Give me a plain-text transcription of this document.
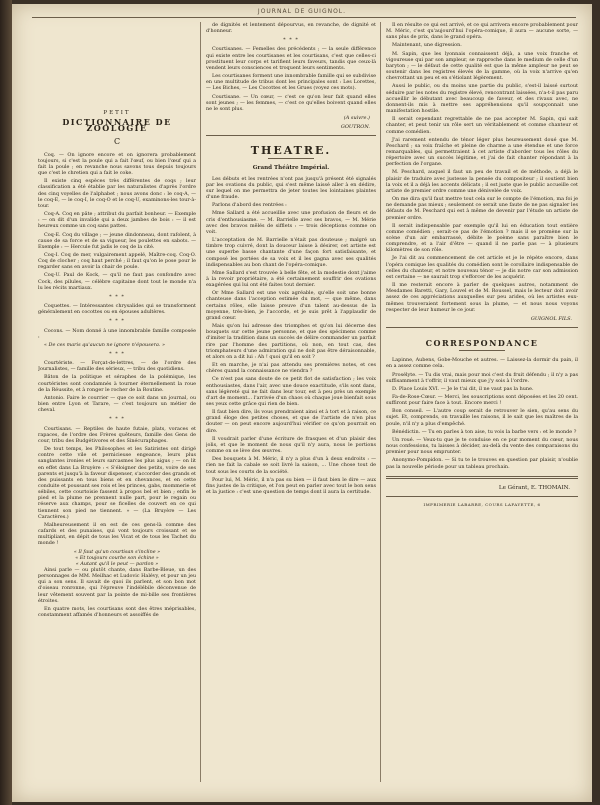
JOURNAL DE GUIGNOL.
PETIT
DICTIONNAIRE DE ZOOLOGIE
C

Coq. — On ignore encore et on ignorera probablement toujours, si c'est la poule qui a fait l'œuf, ou bien l'œuf qui a fait la poule ; en revanche nous savons tous depuis toujours que c'est le chretien qui a fait le coke.

Il existe cinq espèces très différentes de coqs ; leur classification a été établie par les naturalistes d'après l'ordre des cinq voyelles de l'alphabet ; nous avons donc : le coq-A, — le coq-E, — le coq-I, le coq-O et le coq-U, examinons-les tour-à-tour.

Coq-A. Coq en pâte ; attribut du parfait bonheur. — Exemple : — on dit d'un invalide qui a deux jambes de bois : — il est heureux comme un coq sans pattes.

Coq-E. Coq du village ; — jeune dindonneau, dont rafolent, à cause de sa force et de sa vigueur, les poulettes en sabots. — Exemple : — Hercule fut jadis le coq de la cité.

Coq-I. Coq de mer, vulgairement appelé, Maître-coq. Coq-O. Coq de clocher ; coq haut perché ; il faut qu'on le pose pour le regarder sans en avoir la chair de poule.

Coq-U. Paul de Kock, — qu'il ne faut pas confondre avec Cock, des pilules, — célèbre capitaine dont tout le monde n'a lu les récits martiaux.

* * *

Coquettes. — Intéressantes chrysalides qui se transforment généralement en cocottes ou en épouses adultères.

* * *

Cocons. — Nom donné à une innombrable famille composée :

« De ces maris qu'aucun ne ignore n'épousera. »

* * *

Courtériste. — Forçat-de-lettres, — de l'ordre des Journalistes, — famille des sérieux, — tribu des quotidiens.

Bâton de la politique et séraphes de la polémique, les courtéristes sont condamnés à tourner éternellement la roue de la Réussite, et à ronger le rocher de la Routine.

Antonio. Faire le courrier — que ce soit dans un journal, ou bien entre Lyon et Tarare, — c'est toujours un métier de cheval.

* * *

Courtisans. — Reptiles de haute futaie, plats, voraces et rapaces, de l'ordre des Frères quêteurs, famille des Gens de cour, tribu des Budgétivores et des Sinécuraphages.

De tout temps, les Philosophes et les Satiristes ont dirigé contre cette vile et pernicieuse engeance, leurs plus sanglantes ironies et leurs sarcasmes les plus aigus ; — on lit en effet dans La Bruyère : « S'éloigner des petits, voire de ses parents et jusqu'à la faveur dispenser, s'accorder des grands et des puissants en tous biens et en chevances, et en cette conduite et poussant ses rois et les princes, gabs, mommerie et sébiles, cette courtoisie fassent à propos bel et bien ; enfin le pied et la plume ne prennent nulle part, pour le regain ou réserve aux champs, pour se ficelles de couvert en ce qui tiennent son pied ne tiennent. » — (La Bruyère — Les Caractères.)

Malheureusement il en est de ces gens-là comme des cafards et des punaises, qui vont toujours croissant et se multipliant, en dépit de tous les Vicat et de tous les Tachet du monde !

« Il faut qu'un courtisan s'incline »
« Et toujours courbe son échine »
« Autant qu'il le peut — pardon »

Ainsi parle — ou plutôt chante, dans Barbe-Bleue, un des personnages de MM. Meilhac et Ludovic Halévy, et pour un jeu qui a son sens. Il savait de quoi ils parlent, et son bon mot d'oiseau ronronne, qui l'épreuve l'indélébile déconvenue de leur vêtement souvent par la pointe de mi-bille ses frontières étroites.

En quatre mots, les courtisans sont des êtres méprisables, constamment affamés d'honneurs et assoiffés de

de dignités et lentement dépourvus, en revanche, de dignité et d'honneur.

* * *

Courtisanes. — Femelles des précédents ; — la seule différence qui existe entre les courtisanes et les courtisans, c'est que celles-ci prostituent leur corps et tarifient leurs faveurs, tandis que ceux-là vendent leurs consciences et troquent leurs sentiments.

Les courtisanes forment une innombrable famille qui se subdivise en une multitude de tribus dont les principales sont : Les Lorettes, — Les Biches, — Les Cocottes et les Grues (voyez ces mots).

Courtisane. — Un cœur, — c'est ce qu'on leur fait quand elles sont jeunes ; — les femmes, — c'est ce qu'elles boivent quand elles ne le sont plus.

(A suivre.)
GOUTRON.
THEATRE.
Grand Théâtre Impérial.

Les débuts et les rentrées n'ont pas jusqu'à présent été signalés par les ovations du public, qui s'est même laissé aller à en dédire, sur lequel on me permettra de jeter toutes les lointaines plaintes d'une fraude.

Parlons d'abord des rentrées :

Mme Sallard a été accueillie avec une profusion de fleurs et de cris d'enthousiasme. — M. Barrielle avec ses bravos, — M. Mérie avec des bravos mêlés de sifflets : — trois déceptions comme on voit.

L'acceptation de M. Barrielle n'était pas douteuse ; malgré un timbre trop cuivré, dont la douceur laisse à désirer, cet artiste est une superbe basse chantante d'une façon fort satisfaisante, et composé les portées de sa voix et il les gagna avec ses qualités indispensables au bon chant de l'opéra-comique.

Mme Sallard s'est trouvée à belle fête, et la modestie dont j'aime à la revoir propriétaire, a été certainement souffrir des ovations exagérées qui lui ont été faites tout dernier.

Or Mme Sallard est une voix agréable, qu'elle soit une bonne chanteuse dans l'acception estimée du mot, — que même, dans certains rôles, elle laisse preuve d'un talent au-dessus de la moyenne, très-bien, je l'accorde, et je suis prêt à l'applaudir de grand cœur.

Mais qu'on lui adresse des triomphes et qu'on lui décerne des bouquets sur cette jeune personne, et que des spécimens comme d'imiter la tradition dans un succès de délire commander un parfait rire par l'homme des partitions, où non, en tout cas, des triomphateurs d'une admiration qui ne doit pas être déraisonnable, et alors on a dit lui : Ah ! quoi qu'il en soit ?

Et en marche, je n'ai pas attendu ses premières notes, et ces chères quand la connaissance ne viendra ?

Ce n'est pas sans doute de ce petit flot de satisfaction ; les voix enthousiastes, dans l'air, avec une douce exactitude, s'ils sont dans, sans légèreté qui ne fait dans leur tour, est à peu près un exemple d'art de moment... l'arrivée d'un chaos où chaque joue bienfait sous ses yeux cette grâce qui rien de bien.

Il faut bien dire, ils vous prendraient ainsi et à tort et à raison, ce grand éloge des petites choses, et que de l'artiste de n'en plus douter — on peut encore aujourd'hui vérifier ce qu'on pourrait en dire.

Il voudrait parler d'une écriture de frasques et d'un plaisir des jolis, et que le moment de nous qu'il n'y aura, nous le portions comme on se lève des œuvres.

Des bouquets à M. Méric, il n'y a plus d'un à deux endroits : — rien ne fait la cabale se soit livré la saison, ... Une chose tout de tout sous les courts de la société.

Pour lui, M. Méric, il n'a pas su bien — il faut bien le dire — aux fins justes de la critique, et l'on peut en parler avec tout le bon sens et la justice : c'est une question de temps dont il aura la certitude.

Il en résulte ce qui est arrivé, et ce qui arrivera encore probablement pour M. Méric, c'est qu'aujourd'hui l'opéra-comique, il aura — aucune sorte, — sans plus de prix, dans le grand opéra.

Maintenant, une digression.

M. Sapin, que les lyonnais connaissent déjà, a une voix franche et vigoureuse qui par son ampleur, se rapproche dans le medium de celle d'un baryton ; — le défaut de cette qualité est que la même ampleur ne peut se soutenir dans les registres élevés de la gamme, où la voix n'arrive qu'en chevrottant un peu et en s'étiolant légèrement.

Aussi le public, ou du moins une partie du public, s'est-il laissé surtout séduire par les notes du registre élevé, rencontrant laissées, n'a-t-il pas paru accueillir le débutant avec beaucoup de faveur, et des rivaux avec, ne donnent-ils mis à mettre ses appréhensions qu'il soupçonnait une manifestation hostile.

Il serait cependant regrettable de ne pas accepter M. Sapin, qui sait chanter, et peut tenir un rôle sert un véritablement et comme chanteur et comme comédien.

J'ai rarement entendu de ténor léger plus heureusement doué que M. Peschard ; sa voix fraîche et pleine de charme a une étendue et une force remarquables, qui permettraient à cet artiste d'aborder tous les rôles du répertoire avec un succès légitime, et j'ai de fait chanter répondant à la perfection de l'organe.

M. Peschard, auquel il faut un peu de travail et de méthode, a déjà le plaisir de traduire avec justesse la pensée du compositeur ; il soutient bien la voix et il a déjà les accents délicats ; il est juste que le public accueille cet artiste de premier ordre comme une dénivelée de voix.

On me dira qu'il faut mettre tout cela sur le compte de l'émotion, ma foi je ne demande pas mieux ; seulement ce serait une faute de ne pas signaler les défauts de M. Peschard qui est à même de devenir par l'étude un artiste de premier ordre.

Il serait indispensable par exemple qu'il lui en éducation tout entière comme comédien ; serait-ce pas de l'émotion ? mais il se promène sur la scène d'un air embarrassé, débite le poème sans paraître bien le comprendre, et a l'air d'être — quand il ne parle pas — à plusieurs kilomètres de son rôle.

Je l'ai dit au commencement de cet article et je le répète encore, dans l'opéra comique les qualités du comédien sont le corollaire indispensable de celles du chanteur, et notre nouveau ténor — je dis notre car son admission est certaine — ne saurait trop s'efforcer de les acquérir.

Il me resterait encore à parler de quelques autres, notamment de Mesdames Baretti, Gary, Louvel et de M. Roussel, mais le lecteur doit avoir assez de ces appréciations auxquelles sur peu arides, où les artistes eux-mêmes trouveraient fortement sous la plume, — et nous nous voyons respecter de leur humeur le ce jour.

GUIGNOL FILS.
CORRESPONDANCE

Lapinne, Aubens, Gobe-Mouche et autres. — Laissez-la dormir du pain, il en a assez comme cela.

Prosélyte. — Tu dis vrai, mais pour moi c'est du fruit défendu ; il n'y a pas suffisamment à t'offrir, il vaut mieux que j'y sois à l'ordre.

D. Place Louis XVI. — Je le t'ai dit, il ne vaut pas la hune.

Fa-de-Rose-Cœur. — Merci, les souscriptions sont déposées et les 20 cent. suffiront pour faire face à tout. Encore merci !

Bon conseil. — L'autre coup serait de retrouver le sien, qu'au sens du sujet. Et, comprends, on travaille les raisons, il le sait que les maîtres de la poule, n'il n'y a plus d'empêché.

Bénédictin. — Tu en parles à ton aise, tu vois la barbe vers : et le monde ?

Un roué. — Veux-tu que je te conduise en ce pur moment du cœur, nous nous confessions, tu laisses à décider, au-delà du vente des comparaisons du premier pour nous emprunter.

Anonymo-Pompidon. — Si tu te le trouves en question par plaisir, n'oublie pas la nouvelle période pour un tableau prochain.

Le Gérant, E. THOMAIN.
IMPRIMERIE LABARRE, COURS LAFAYETTE, 6
